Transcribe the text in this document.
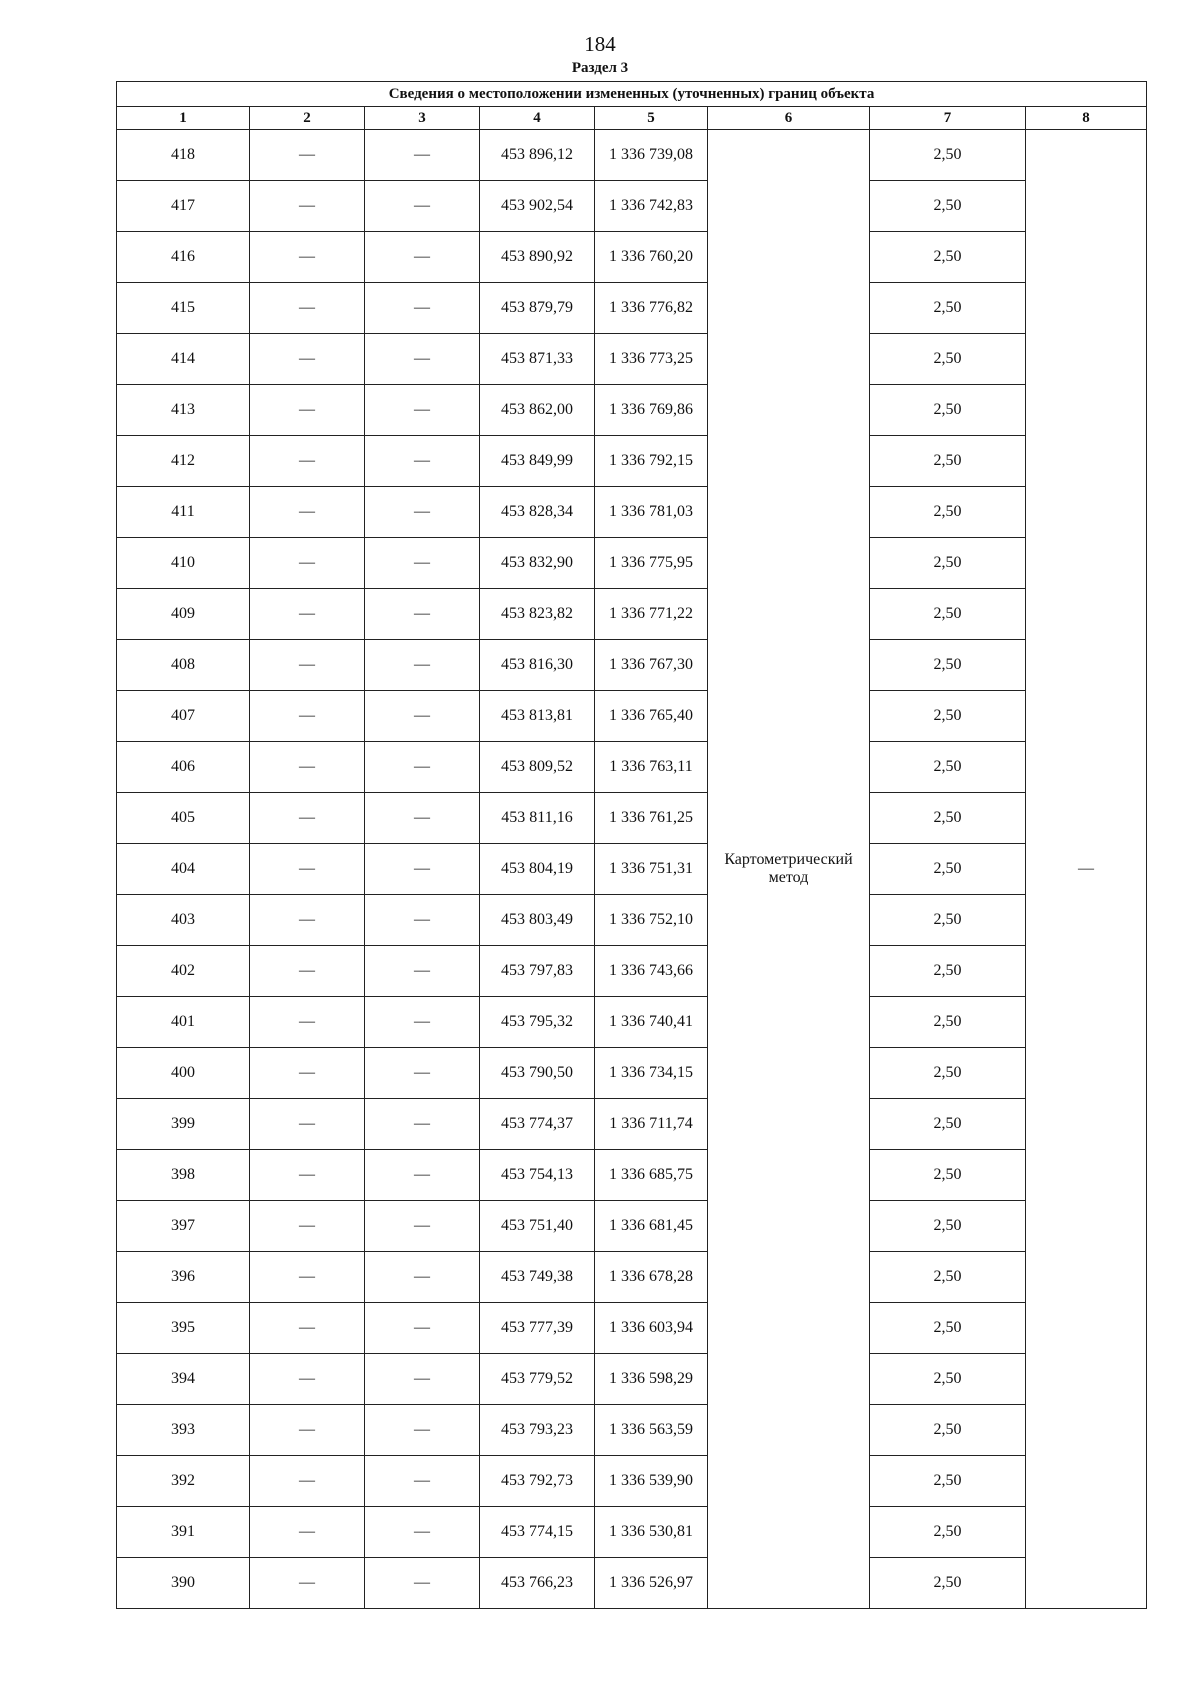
184
Раздел 3
Сведения о местоположении измененных (уточненных) границ объекта							
1	2	3	4	5	6	7	8
418	—	—	453 896,12	1 336 739,08	Картометрический метод	2,50	—
417	—	—	453 902,54	1 336 742,83		2,50	
416	—	—	453 890,92	1 336 760,20		2,50	
415	—	—	453 879,79	1 336 776,82		2,50	
414	—	—	453 871,33	1 336 773,25		2,50	
413	—	—	453 862,00	1 336 769,86		2,50	
412	—	—	453 849,99	1 336 792,15		2,50	
411	—	—	453 828,34	1 336 781,03		2,50	
410	—	—	453 832,90	1 336 775,95		2,50	
409	—	—	453 823,82	1 336 771,22		2,50	
408	—	—	453 816,30	1 336 767,30		2,50	
407	—	—	453 813,81	1 336 765,40		2,50	
406	—	—	453 809,52	1 336 763,11		2,50	
405	—	—	453 811,16	1 336 761,25		2,50	
404	—	—	453 804,19	1 336 751,31		2,50	
403	—	—	453 803,49	1 336 752,10		2,50	
402	—	—	453 797,83	1 336 743,66		2,50	
401	—	—	453 795,32	1 336 740,41		2,50	
400	—	—	453 790,50	1 336 734,15		2,50	
399	—	—	453 774,37	1 336 711,74		2,50	
398	—	—	453 754,13	1 336 685,75		2,50	
397	—	—	453 751,40	1 336 681,45		2,50	
396	—	—	453 749,38	1 336 678,28		2,50	
395	—	—	453 777,39	1 336 603,94		2,50	
394	—	—	453 779,52	1 336 598,29		2,50	
393	—	—	453 793,23	1 336 563,59		2,50	
392	—	—	453 792,73	1 336 539,90		2,50	
391	—	—	453 774,15	1 336 530,81		2,50	
390	—	—	453 766,23	1 336 526,97		2,50	
